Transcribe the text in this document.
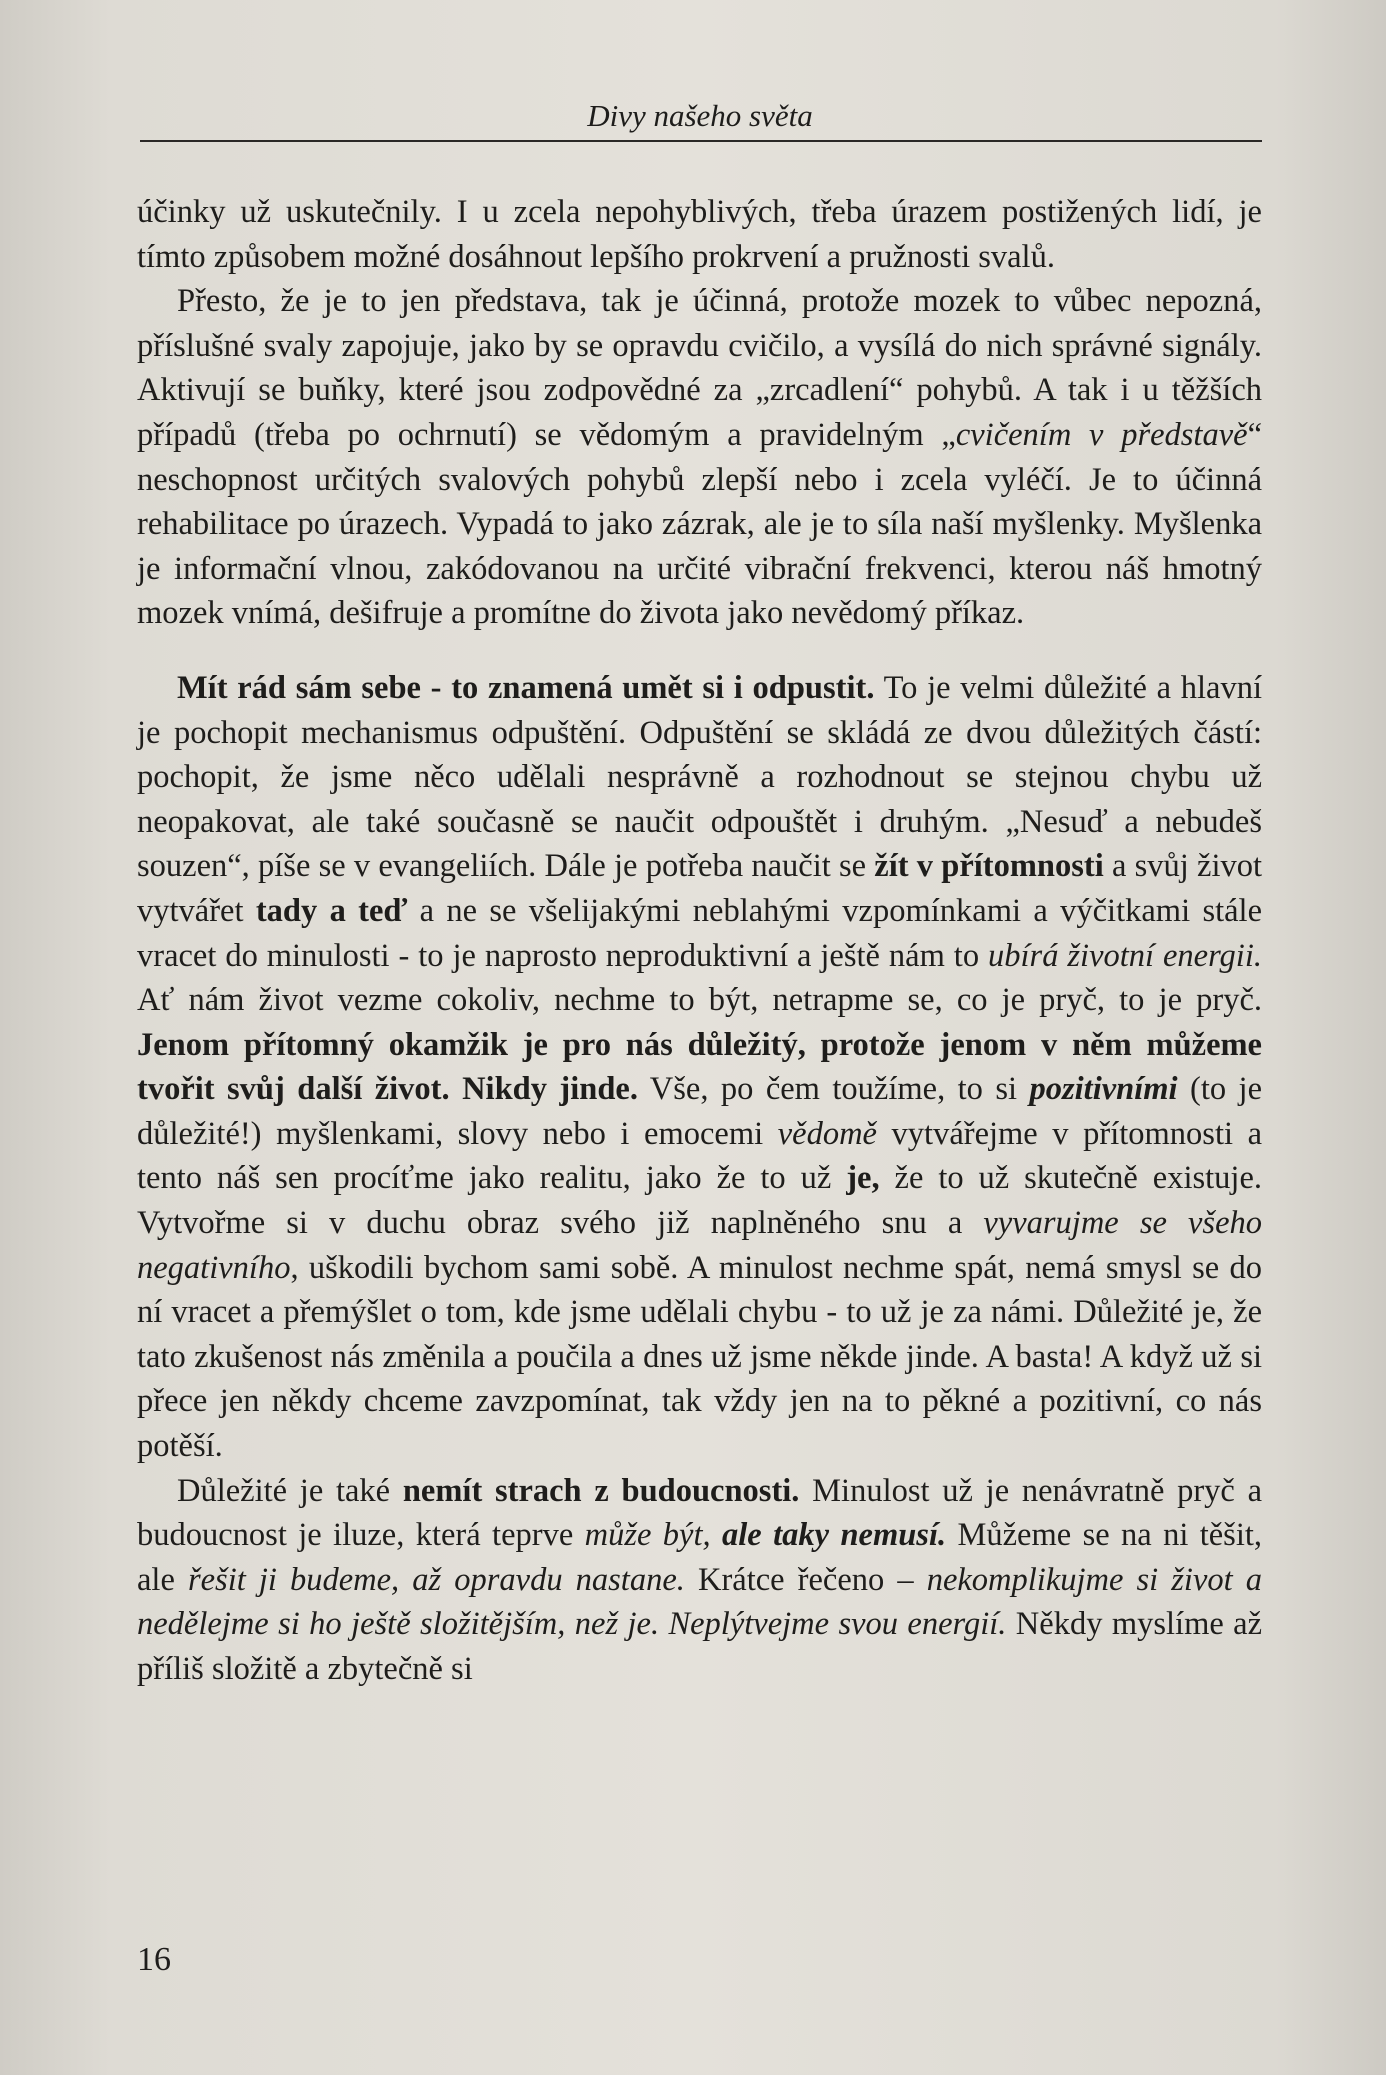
Divy našeho světa

účinky už uskutečnily. I u zcela nepohyblivých, třeba úrazem postižených lidí, je tímto způsobem možné dosáhnout lepšího prokrvení a pružnosti svalů.

Přesto, že je to jen představa, tak je účinná, protože mozek to vůbec nepozná, příslušné svaly zapojuje, jako by se opravdu cvičilo, a vysílá do nich správné signály. Aktivují se buňky, které jsou zodpovědné za „zrcadlení“ pohybů. A tak i u těžších případů (třeba po ochrnutí) se vědomým a pravidelným „cvičením v představě“ neschopnost určitých svalových pohybů zlepší nebo i zcela vyléčí. Je to účinná rehabilitace po úrazech. Vypadá to jako zázrak, ale je to síla naší myšlenky. Myšlenka je informační vlnou, zakódovanou na určité vibrační frekvenci, kterou náš hmotný mozek vnímá, dešifruje a promítne do života jako nevědomý příkaz.

Mít rád sám sebe - to znamená umět si i odpustit. To je velmi důležité a hlavní je pochopit mechanismus odpuštění. Odpuštění se skládá ze dvou důležitých částí: pochopit, že jsme něco udělali nesprávně a rozhodnout se stejnou chybu už neopakovat, ale také současně se naučit odpouštět i druhým. „Nesuď a nebudeš souzen“, píše se v evangeliích. Dále je potřeba naučit se žít v přítomnosti a svůj život vytvářet tady a teď a ne se všelijakými neblahými vzpomínkami a výčitkami stále vracet do minulosti - to je naprosto neproduktivní a ještě nám to ubírá životní energii. Ať nám život vezme cokoliv, nechme to být, netrapme se, co je pryč, to je pryč. Jenom přítomný okamžik je pro nás důležitý, protože jenom v něm můžeme tvořit svůj další život. Nikdy jinde. Vše, po čem toužíme, to si pozitivními (to je důležité!) myšlenkami, slovy nebo i emocemi vědomě vytvářejme v přítomnosti a tento náš sen procíťme jako realitu, jako že to už je, že to už skutečně existuje. Vytvořme si v duchu obraz svého již naplněného snu a vyvarujme se všeho negativního, uškodili bychom sami sobě. A minulost nechme spát, nemá smysl se do ní vracet a přemýšlet o tom, kde jsme udělali chybu - to už je za námi. Důležité je, že tato zkušenost nás změnila a poučila a dnes už jsme někde jinde. A basta! A když už si přece jen někdy chceme zavzpomínat, tak vždy jen na to pěkné a pozitivní, co nás potěší.

Důležité je také nemít strach z budoucnosti. Minulost už je nenávratně pryč a budoucnost je iluze, která teprve může být, ale taky nemusí. Můžeme se na ni těšit, ale řešit ji budeme, až opravdu nastane. Krátce řečeno – nekomplikujme si život a nedělejme si ho ještě složitějším, než je. Neplýtvejme svou energií. Někdy myslíme až příliš složitě a zbytečně si

16
